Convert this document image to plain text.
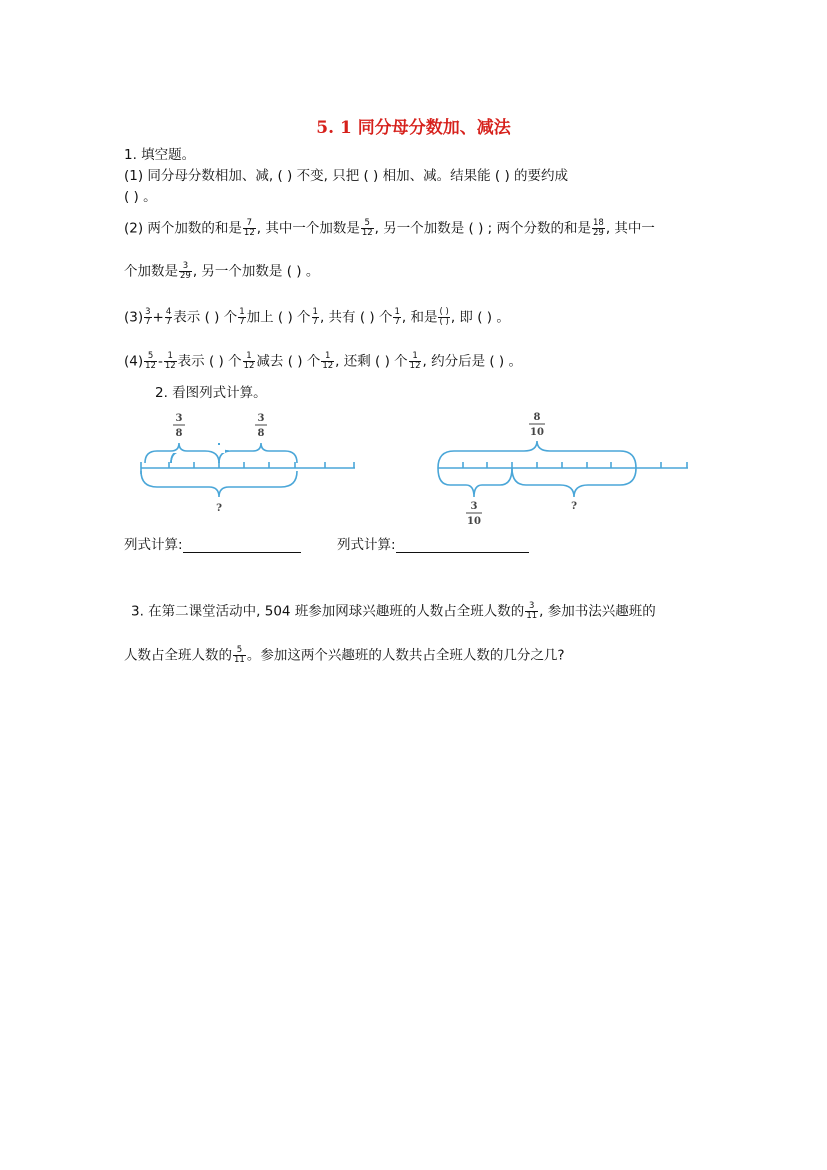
5. 1 同分母分数加、减法
1. 填空题。
(1) 同分母分数相加、减, ( ) 不变, 只把 ( ) 相加、减。结果能 ( ) 的要约成
( ) 。
(2) 两个加数的和是 $\frac{7}{12}$ , 其中一个加数是 $\frac{5}{12}$ , 另一个加数是 ( ) ; 两个分数的和是 $\frac{18}{29}$ , 其中一
个加数是 $\frac{3}{29}$ , 另一个加数是 ( ) 。
$(3) \frac{3}{7} + \frac{4}{7}$ 表示 ( ) 个 $\frac{1}{7}$ 加上 ( ) 个 $\frac{1}{7}$ , 共有 ( ) 个 $\frac{1}{7}$ , 和是 $\frac{( )}{( )}$ , 即 ( ) 。
$(4) \frac{5}{12} - \frac{1}{12}$ 表示 ( ) 个 $\frac{1}{12}$ 减去 ( ) 个 $\frac{1}{12}$ , 还剩 ( ) 个 $\frac{1}{12}$ , 约分后是 ( ) 。
2. 看图列式计算。
3
8
3
8
?
8
10
3
10
?
列式计算:	列式计算:
3. 在第二课堂活动中, 504 班参加网球兴趣班的人数占全班人数的 $\frac{3}{11}$ , 参加书法兴趣班的
人数占全班人数的 $\frac{5}{11}$ 。参加这两个兴趣班的人数共占全班人数的几分之几?
